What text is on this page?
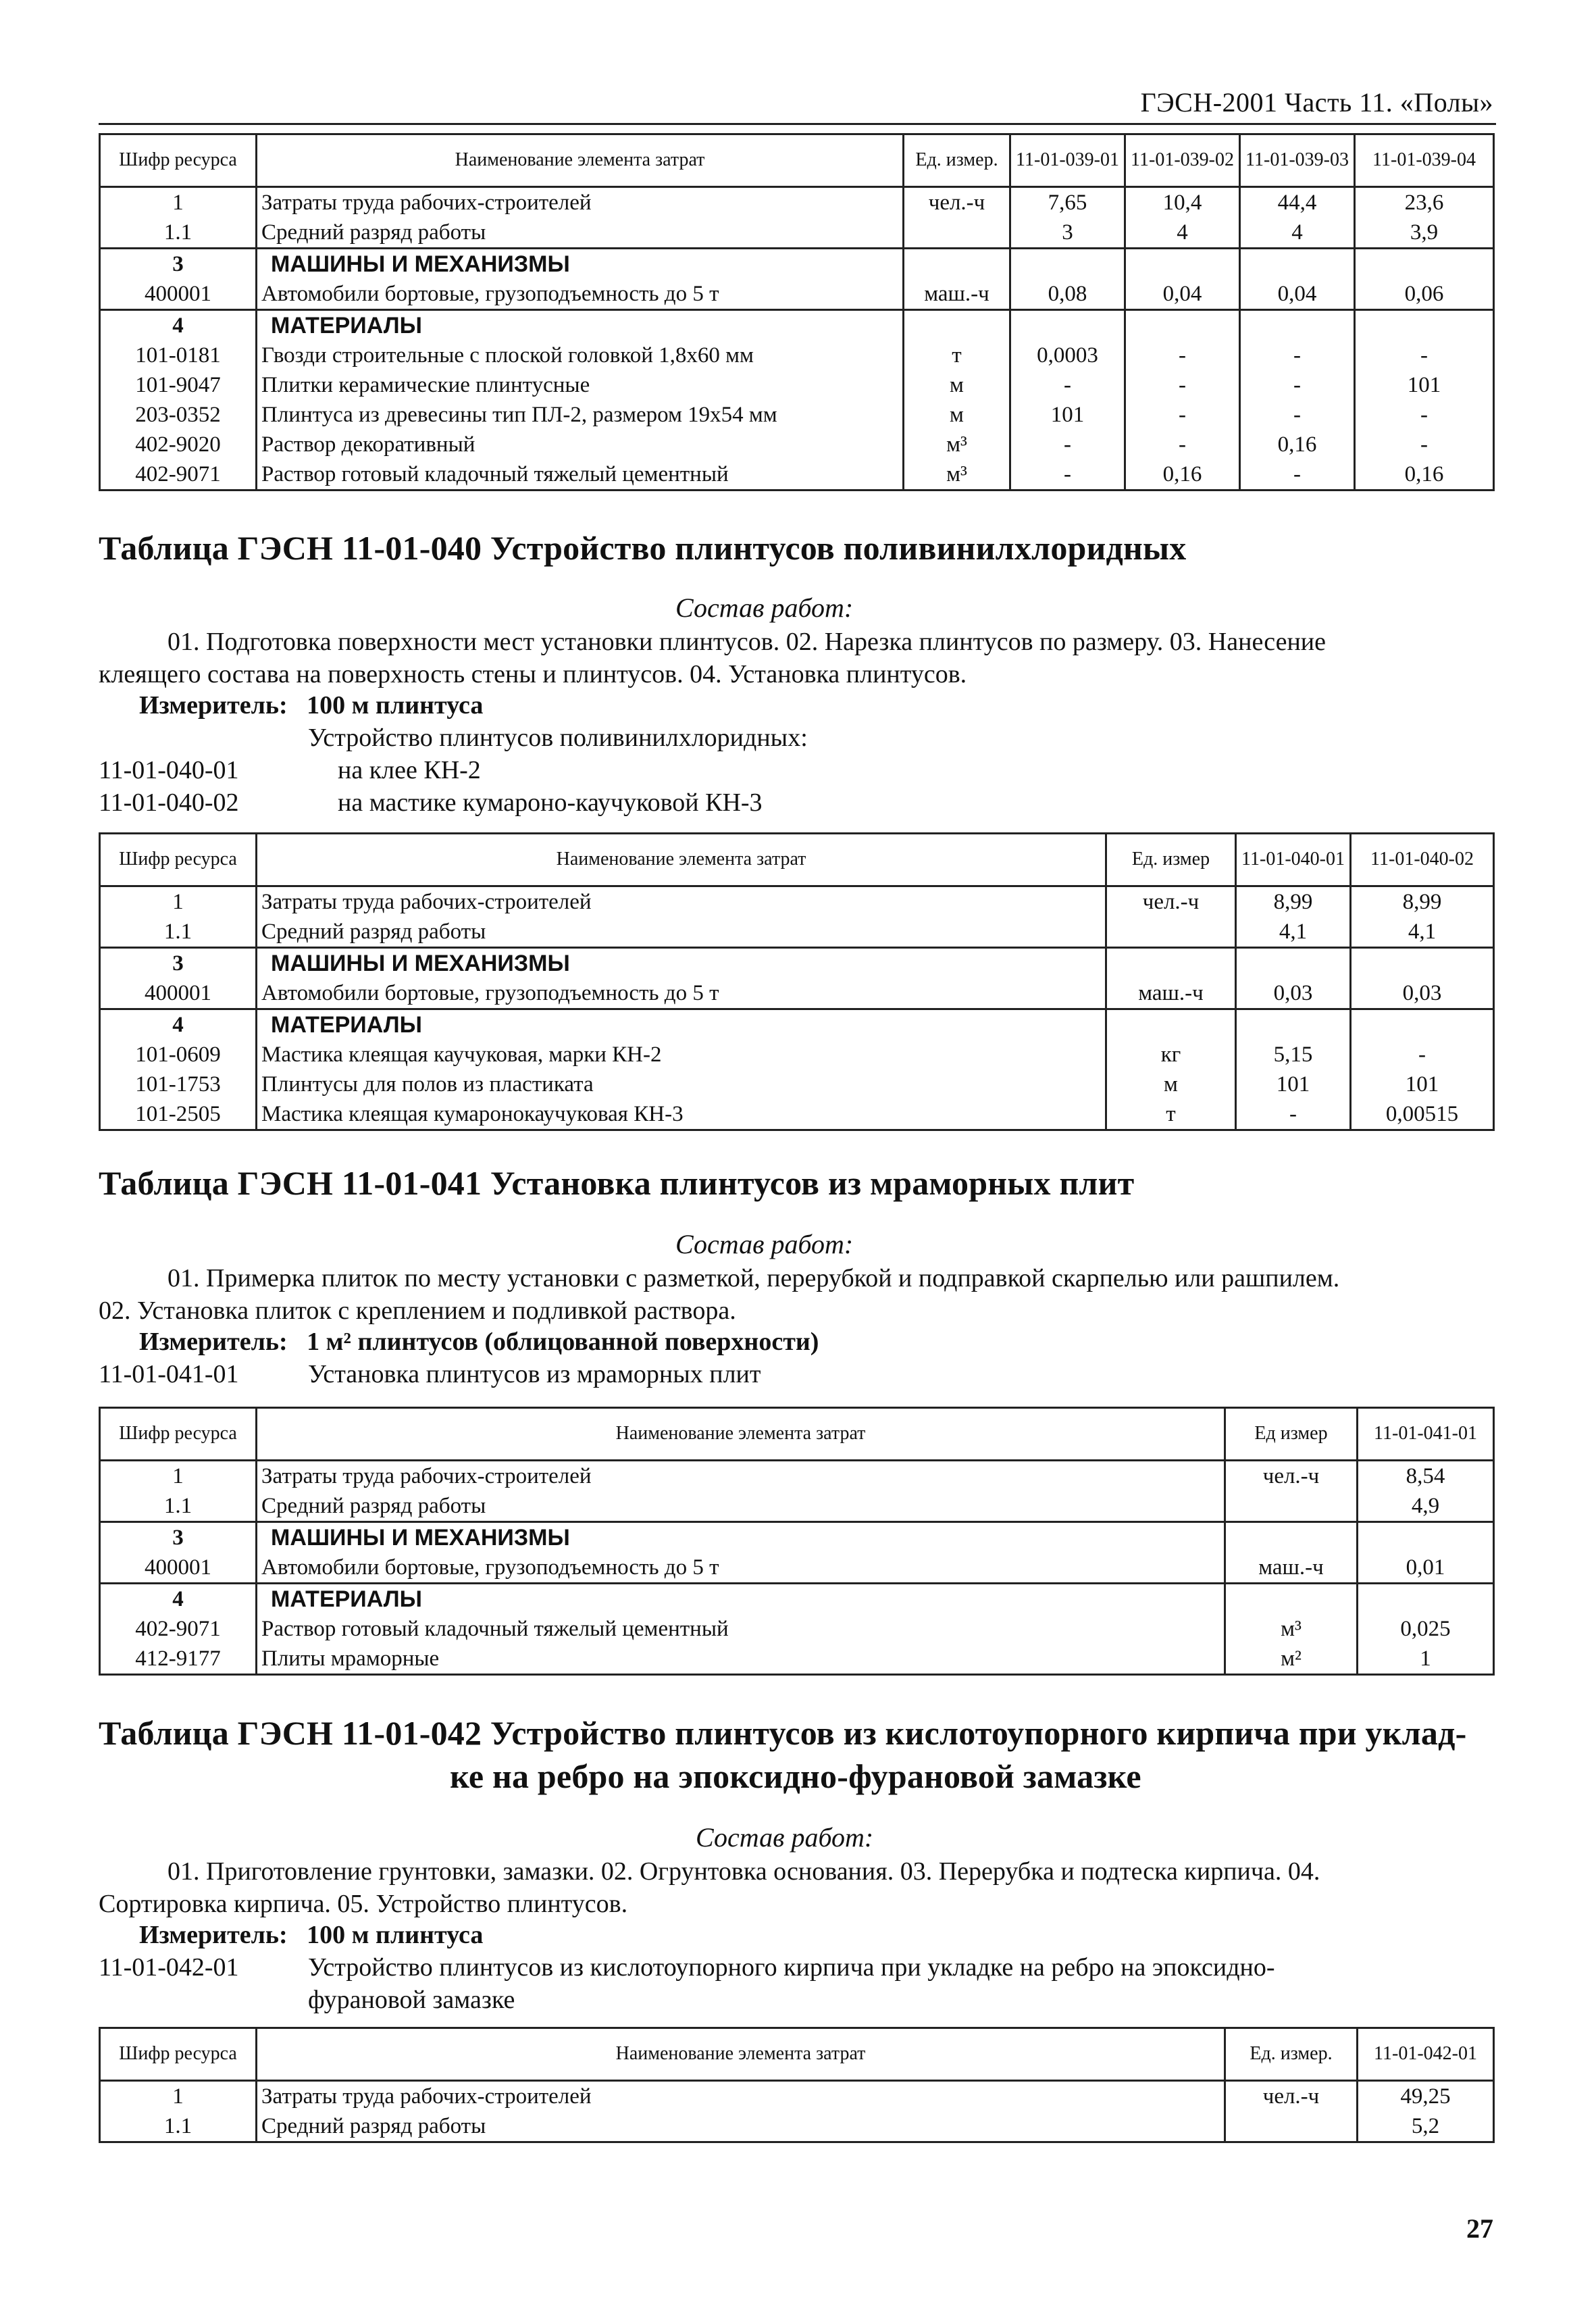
ГЭСН-2001 Часть 11. «Полы»
Шифр ресурса	Наименование элемента затрат	Ед. измер.	11-01-039-01	11-01-039-02	11-01-039-03	11-01-039-04
1	Затраты труда рабочих-строителей	чел.-ч	7,65	10,4	44,4	23,6
1.1	Средний разряд работы		3	4	4	3,9
3	МАШИНЫ И МЕХАНИЗМЫ					
400001	Автомобили бортовые, грузоподъемность до 5 т	маш.-ч	0,08	0,04	0,04	0,06
4	МАТЕРИАЛЫ					
101-0181	Гвозди строительные с плоской головкой 1,8х60 мм	т	0,0003	-	-	-
101-9047	Плитки керамические плинтусные	м	-	-	-	101
203-0352	Плинтуса из древесины тип ПЛ-2, размером 19х54 мм	м	101	-	-	-
402-9020	Раствор декоративный	м³	-	-	0,16	-
402-9071	Раствор готовый кладочный тяжелый цементный	м³	-	0,16	-	0,16
Таблица ГЭСН 11-01-040 Устройство плинтусов поливинилхлоридных
Состав работ:
01. Подготовка поверхности мест установки плинтусов. 02. Нарезка плинтусов по размеру. 03. Нанесение
клеящего состава на поверхность стены и плинтусов. 04. Установка плинтусов.
Измеритель: 100 м плинтуса
Устройство плинтусов поливинилхлоридных:
11-01-040-01	на клее КН-2
11-01-040-02	на мастике кумароно-каучуковой КН-3
Шифр ресурса	Наименование элемента затрат	Ед. измер	11-01-040-01	11-01-040-02
1	Затраты труда рабочих-строителей	чел.-ч	8,99	8,99
1.1	Средний разряд работы		4,1	4,1
3	МАШИНЫ И МЕХАНИЗМЫ			
400001	Автомобили бортовые, грузоподъемность до 5 т	маш.-ч	0,03	0,03
4	МАТЕРИАЛЫ			
101-0609	Мастика клеящая каучуковая, марки КН-2	кг	5,15	-
101-1753	Плинтусы для полов из пластиката	м	101	101
101-2505	Мастика клеящая кумаронокаучуковая КН-3	т	-	0,00515
Таблица ГЭСН 11-01-041 Установка плинтусов из мраморных плит
Состав работ:
01. Примерка плиток по месту установки с разметкой, перерубкой и подправкой скарпелью или рашпилем.
02. Установка плиток с креплением и подливкой раствора.
Измеритель: 1 м² плинтусов (облицованной поверхности)
11-01-041-01	Установка плинтусов из мраморных плит
Шифр ресурса	Наименование элемента затрат	Ед измер	11-01-041-01
1	Затраты труда рабочих-строителей	чел.-ч	8,54
1.1	Средний разряд работы		4,9
3	МАШИНЫ И МЕХАНИЗМЫ		
400001	Автомобили бортовые, грузоподъемность до 5 т	маш.-ч	0,01
4	МАТЕРИАЛЫ		
402-9071	Раствор готовый кладочный тяжелый цементный	м³	0,025
412-9177	Плиты мраморные	м²	1
Таблица ГЭСН 11-01-042 Устройство плинтусов из кислотоупорного кирпича при уклад-
ке на ребро на эпоксидно-фурановой замазке
Состав работ:
01. Приготовление грунтовки, замазки. 02. Огрунтовка основания. 03. Перерубка и подтеска кирпича. 04.
Сортировка кирпича. 05. Устройство плинтусов.
Измеритель: 100 м плинтуса
11-01-042-01	Устройство плинтусов из кислотоупорного кирпича при укладке на ребро на эпоксидно-
фурановой замазке
Шифр ресурса	Наименование элемента затрат	Ед. измер.	11-01-042-01
1	Затраты труда рабочих-строителей	чел.-ч	49,25
1.1	Средний разряд работы		5,2
27
